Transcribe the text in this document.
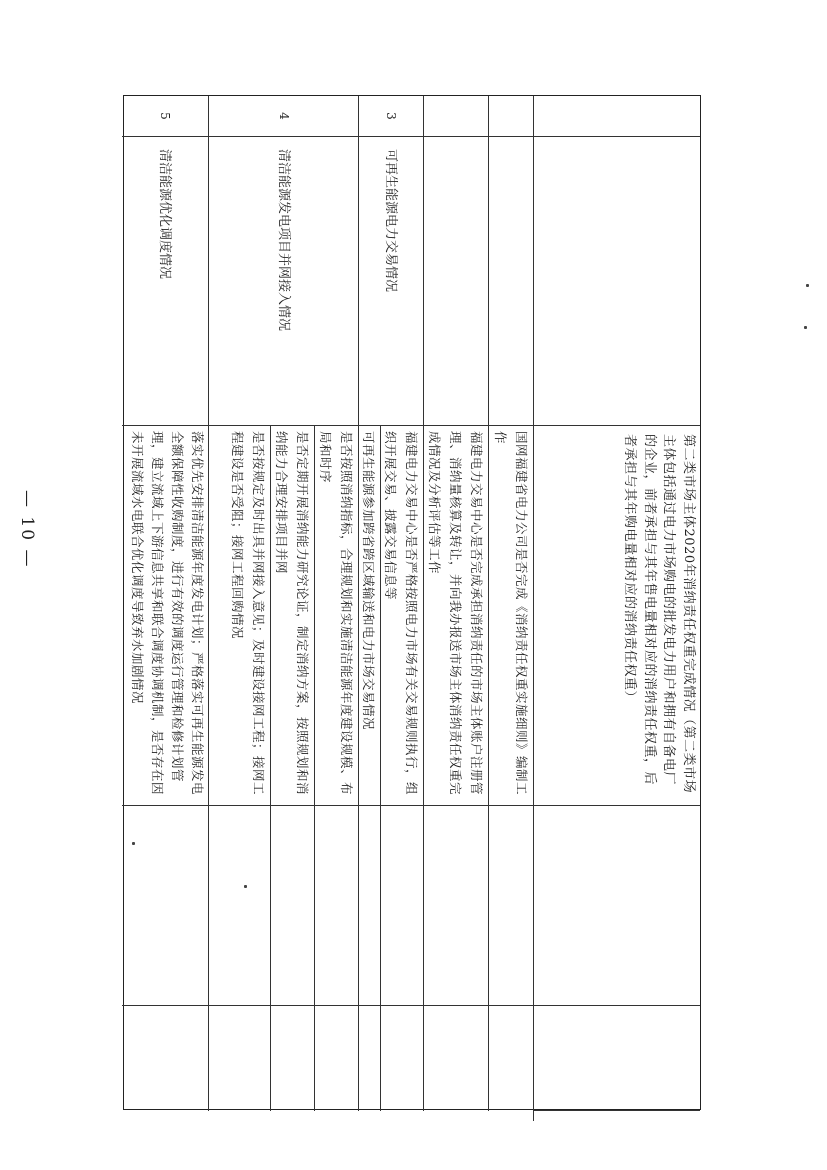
第二类市场主体2020年消纳责任权重完成情况（第二类市场主体包括通过电力市场购电的批发电力用户和拥有自备电厂的企业，前者承担与其年售电量相对应的消纳责任权重，后者承担与其年购电量相对应的消纳责任权重）
国网福建省电力公司是否完成《消纳责任权重实施细则》编制工作
福建电力交易中心是否完成承担消纳责任的市场主体账户注册管理、消纳量核算及转让，并向我办报送市场主体消纳责任权重完成情况及分析评估等工作
3
可再生能源电力交易情况
福建电力交易中心是否严格按照电力市场有关交易规则执行，组织开展交易、披露交易信息等
可再生能源参加跨省跨区域输送和电力市场交易情况
4
清洁能源发电项目并网接入情况
是否按照消纳指标，合理规划和实施清洁能源年度建设规模、布局和时序
是否定期开展消纳能力研究论证，制定消纳方案，按照规划和消纳能力合理安排项目并网
是否按规定及时出具并网接入意见；及时建设接网工程；接网工程建设是否受阻；接网工程回购情况
5
清洁能源优化调度情况
落实优先安排清洁能源年度发电计划；严格落实可再生能源发电全额保障性收购制度，进行有效的调度运行管理和检修计划管理，建立流域上下游信息共享和联合调度协调机制，是否存在因未开展流域水电联合优化调度导致弃水加剧情况
— 10 —
